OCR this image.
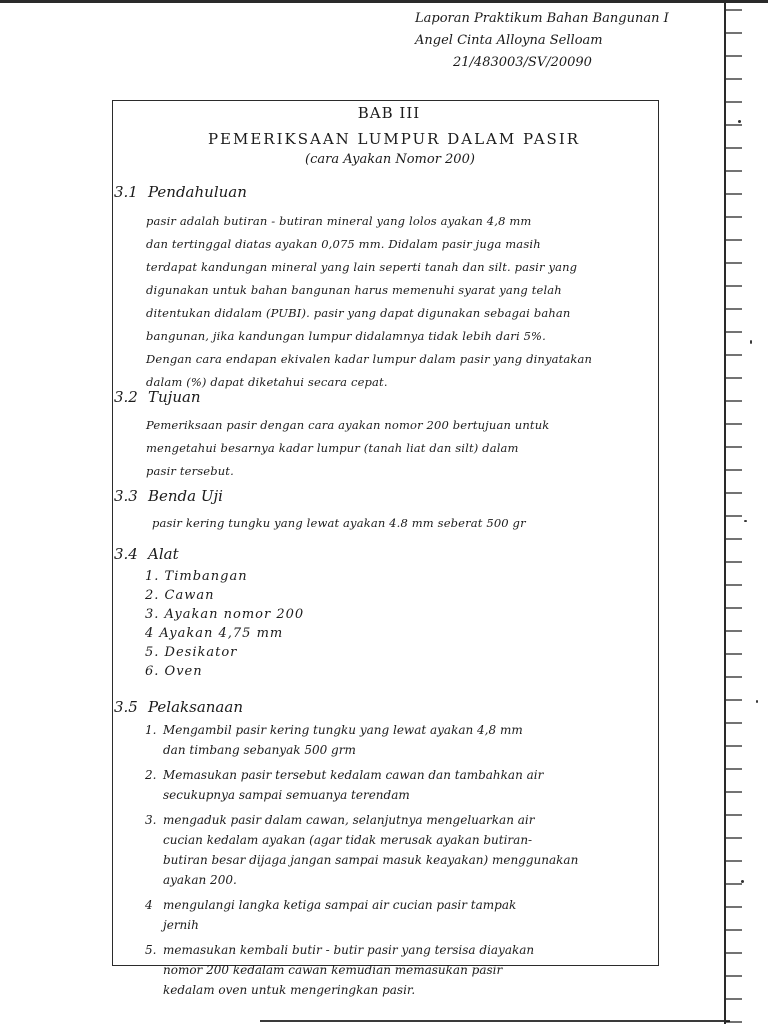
Laporan Praktikum Bahan Bangunan I
Angel Cinta Alloyna Selloam
21/483003/SV/20090
BAB III
PEMERIKSAAN LUMPUR DALAM PASIR
(cara Ayakan Nomor 200)
3.1 Pendahuluan
pasir adalah butiran - butiran mineral yang lolos ayakan 4,8 mm
dan tertinggal diatas ayakan 0,075 mm. Didalam pasir juga masih
terdapat kandungan mineral yang lain seperti tanah dan silt. pasir yang
digunakan untuk bahan bangunan harus memenuhi syarat yang telah
ditentukan didalam (PUBI). pasir yang dapat digunakan sebagai bahan
bangunan, jika kandungan lumpur didalamnya tidak lebih dari 5%.
Dengan cara endapan ekivalen kadar lumpur dalam pasir yang dinyatakan
dalam (%) dapat diketahui secara cepat.
3.2 Tujuan
Pemeriksaan pasir dengan cara ayakan nomor 200 bertujuan untuk
mengetahui besarnya kadar lumpur (tanah liat dan silt) dalam
pasir tersebut.
3.3 Benda Uji
pasir kering tungku yang lewat ayakan 4.8 mm seberat 500 gr
3.4 Alat
1. Timbangan
2. Cawan
3. Ayakan nomor 200
4 Ayakan 4,75 mm
5. Desikator
6. Oven
3.5 Pelaksanaan
1. Mengambil pasir kering tungku yang lewat ayakan 4,8 mm
dan timbang sebanyak 500 grm
2. Memasukan pasir tersebut kedalam cawan dan tambahkan air
secukupnya sampai semuanya terendam
3. mengaduk pasir dalam cawan, selanjutnya mengeluarkan air
cucian kedalam ayakan (agar tidak merusak ayakan butiran-
butiran besar dijaga jangan sampai masuk keayakan) menggunakan
ayakan 200.
4 mengulangi langka ketiga sampai air cucian pasir tampak
jernih
5. memasukan kembali butir - butir pasir yang tersisa diayakan
nomor 200 kedalam cawan kemudian memasukan pasir
kedalam oven untuk mengeringkan pasir.
